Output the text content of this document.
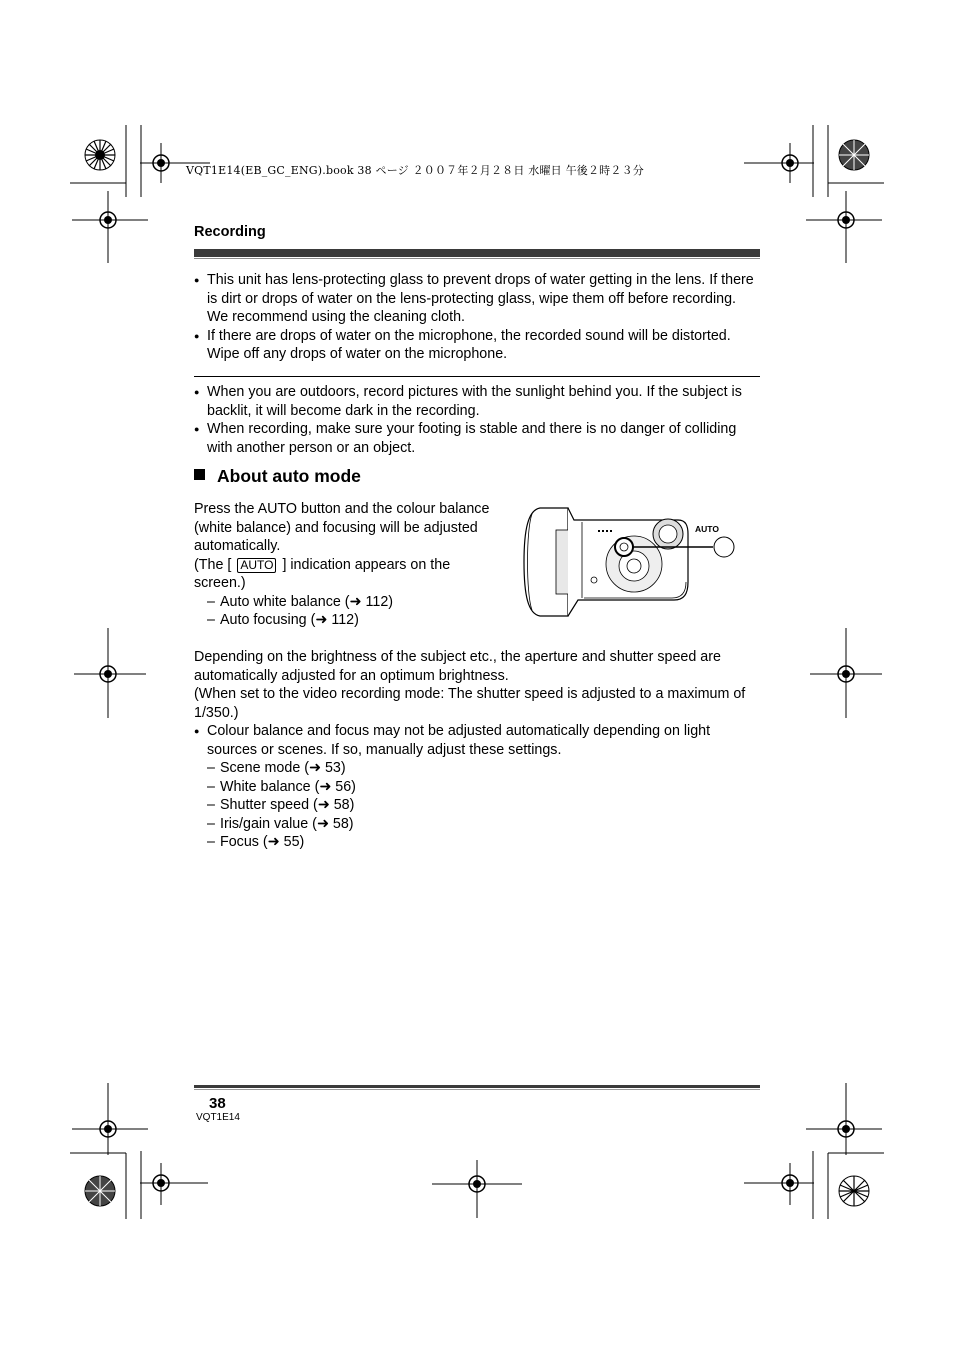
VQT1E14(EB_GC_ENG).book 38 ページ ２００７年２月２８日 水曜日 午後２時２３分
Recording

● This unit has lens-protecting glass to prevent drops of water getting in the lens. If there is dirt or drops of water on the lens-protecting glass, wipe them off before recording. We recommend using the cleaning cloth.

● If there are drops of water on the microphone, the recorded sound will be distorted. Wipe off any drops of water on the microphone.

● When you are outdoors, record pictures with the sunlight behind you. If the subject is backlit, it will become dark in the recording.

● When recording, make sure your footing is stable and there is no danger of colliding with another person or an object.

About auto mode
Press the AUTO button and the colour balance (white balance) and focusing will be adjusted automatically.
(The [ AUTO ] indication appears on the screen.)
– Auto white balance (➜ 112)
– Auto focusing (➜ 112)
AUTO
Depending on the brightness of the subject etc., the aperture and shutter speed are automatically adjusted for an optimum brightness.
(When set to the video recording mode: The shutter speed is adjusted to a maximum of 1/350.)

● Colour balance and focus may not be adjusted automatically depending on light sources or scenes. If so, manually adjust these settings.

– Scene mode (➜ 53)
– White balance (➜ 56)
– Shutter speed (➜ 58)
– Iris/gain value (➜ 58)
– Focus (➜ 55)
38
VQT1E14
